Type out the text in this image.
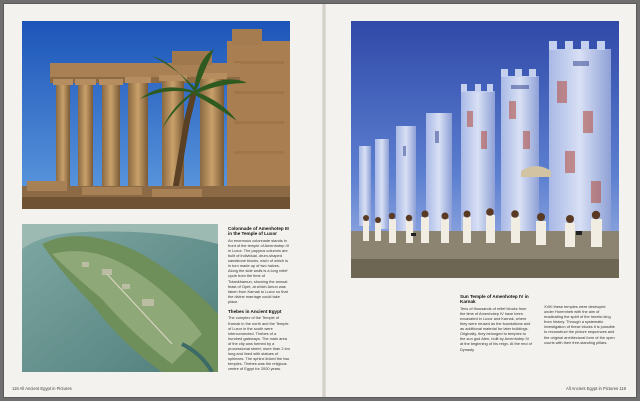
Colonnade of Amenhotep III in the Temple of Luxor

An enormous colonnade stands in front of the temple of Amenhotep III in Luxor. The papyrus columns are built of individual, drum-shaped sandstone blocks, each of which is in turn made up of two halves. Along the side walls is a long relief cycle from the time of Tutankhamun, showing the annual feast of Opet, at which Amun was taken from Karnak to Luxor so that the divine marriage could take place.

Thebes in Ancient Egypt

The complex of the Temple of Karnak in the north and the Temple of Luxor in the south were interconnected. Thebes of a hundred gateways. The main area of the city was formed by a processional street, more than 2 km long and lined with statues of sphinxes. The sphinx linked the two temples. Thebes was the religious centre of Egypt for 2000 years.

118 All Ancient Egypt in Pictures

Sun Temple of Amenhotep IV in Karnak

Tens of thousands of relief blocks from the time of Amenhotep IV have been excavated in Luxor and Karnak, where they were reused as the foundations and as additional material for later buildings. Originally, they belonged to temples to the sun god Aten, built by Amenhotep IV at the beginning of his reign. At the end of Dynasty

XVIII these temples were destroyed under Horemheb with the aim of eradicating the spirit of the heretic king from history. Through a systematic investigation of these blocks it is possible to reconstruct the picture sequences and the original architectural form of the open courts with their free-standing pillars.

All Ancient Egypt in Pictures 119
